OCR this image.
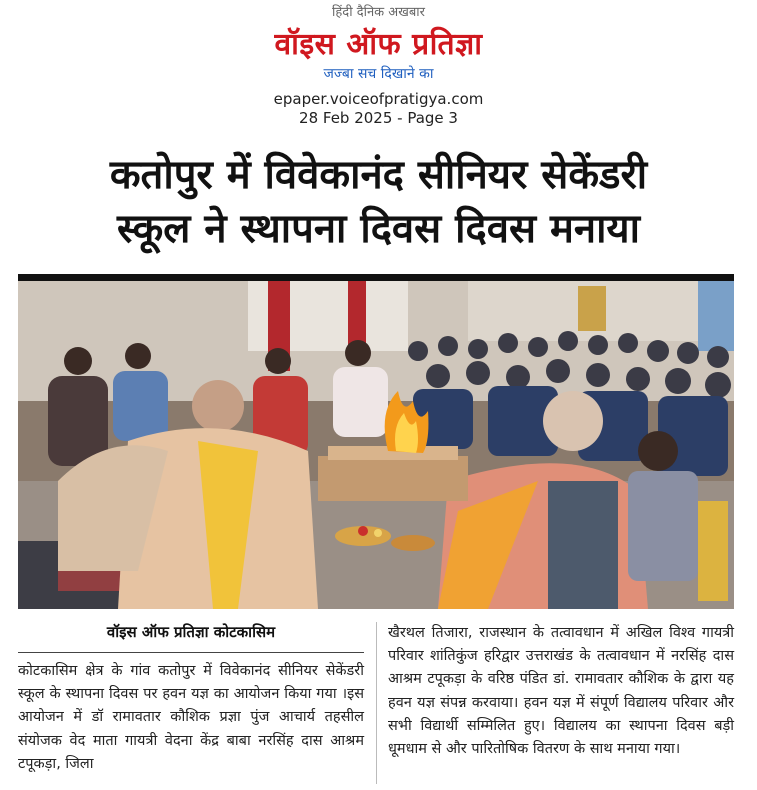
हिंदी दैनिक अखबार
वॉइस ऑफ प्रतिज्ञा
जज्बा सच दिखाने का
epaper.voiceofpratigya.com
28 Feb 2025 - Page 3
कतोपुर में विवेकानंद सीनियर सेकेंडरी
स्कूल ने स्थापना दिवस दिवस मनाया
वॉइस ऑफ प्रतिज्ञा कोटकासिम
कोटकासिम क्षेत्र के गांव कतोपुर में विवेकानंद सीनियर सेकेंडरी स्कूल के स्थापना दिवस पर हवन यज्ञ का आयोजन किया गया ।इस आयोजन में डॉ रामावतार कौशिक प्रज्ञा पुंज आचार्य तहसील संयोजक वेद माता गायत्री वेदना केंद्र बाबा नरसिंह दास आश्रम टपूकड़ा, जिला
खैरथल तिजारा, राजस्थान के तत्वावधान में अखिल विश्व गायत्री परिवार शांतिकुंज हरिद्वार उत्तराखंड के तत्वावधान में नरसिंह दास आश्रम टपूकड़ा के वरिष्ठ पंडित डां. रामावतार कौशिक के द्वारा यह हवन यज्ञ संपन्न करवाया। हवन यज्ञ में संपूर्ण विद्यालय परिवार और सभी विद्यार्थी सम्मिलित हुए। विद्यालय का स्थापना दिवस बड़ी धूमधाम से और पारितोषिक वितरण के साथ मनाया गया।
